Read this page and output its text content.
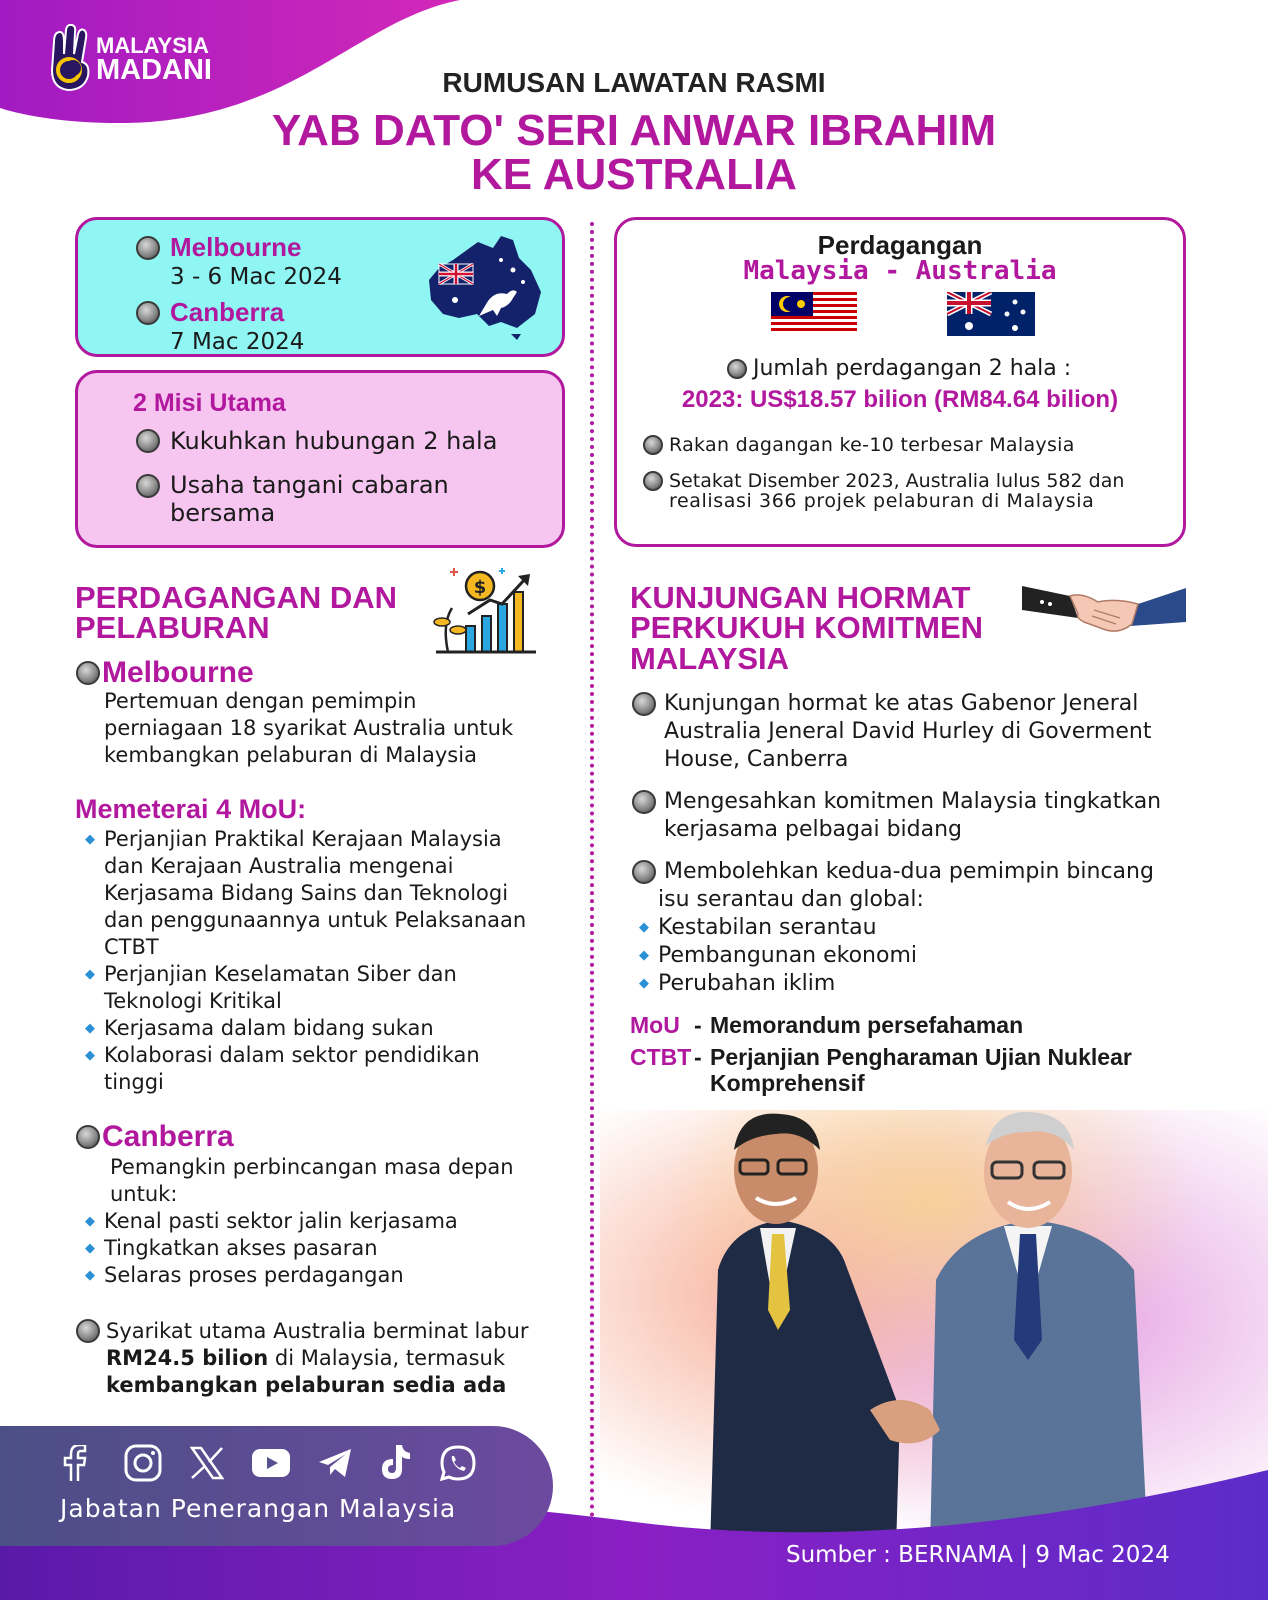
MALAYSIA
MADANI	RUMUSAN LAWATAN RASMI
YAB DATO' SERI ANWAR IBRAHIM
KE AUSTRALIA
Melbourne
3 - 6 Mac 2024
Canberra
7 Mac 2024
2 Misi Utama
Kukuhkan hubungan 2 hala
Usaha tangani cabaran bersama
Perdagangan
Malaysia - Australia
Jumlah perdagangan 2 hala :
2023: US$18.57 bilion (RM84.64 bilion)
Rakan dagangan ke-10 terbesar Malaysia
Setakat Disember 2023, Australia lulus 582 dan
realisasi 366 projek pelaburan di Malaysia
PERDAGANGAN DAN
PELABURAN
$
Melbourne
Pertemuan dengan pemimpin
perniagaan 18 syarikat Australia untuk
kembangkan pelaburan di Malaysia
Memeterai 4 MoU:
◆ Perjanjian Praktikal Kerajaan Malaysia
dan Kerajaan Australia mengenai
Kerjasama Bidang Sains dan Teknologi
dan penggunaannya untuk Pelaksanaan
CTBT
◆ Perjanjian Keselamatan Siber dan
Teknologi Kritikal
◆ Kerjasama dalam bidang sukan
◆ Kolaborasi dalam sektor pendidikan
tinggi
Canberra
Pemangkin perbincangan masa depan
untuk:
◆ Kenal pasti sektor jalin kerjasama
◆ Tingkatkan akses pasaran
◆ Selaras proses perdagangan
Syarikat utama Australia berminat labur
RM24.5 bilion di Malaysia, termasuk
kembangkan pelaburan sedia ada
KUNJUNGAN HORMAT
PERKUKUH KOMITMEN
MALAYSIA
Kunjungan hormat ke atas Gabenor Jeneral
Australia Jeneral David Hurley di Goverment
House, Canberra
Mengesahkan komitmen Malaysia tingkatkan
kerjasama pelbagai bidang
Membolehkan kedua-dua pemimpin bincang
isu serantau dan global:
◆ Kestabilan serantau
◆ Pembangunan ekonomi
◆ Perubahan iklim
MoU - Memorandum persefahaman
CTBT - Perjanjian Pengharaman Ujian Nuklear
Komprehensif
Jabatan Penerangan Malaysia
Sumber : BERNAMA | 9 Mac 2024
